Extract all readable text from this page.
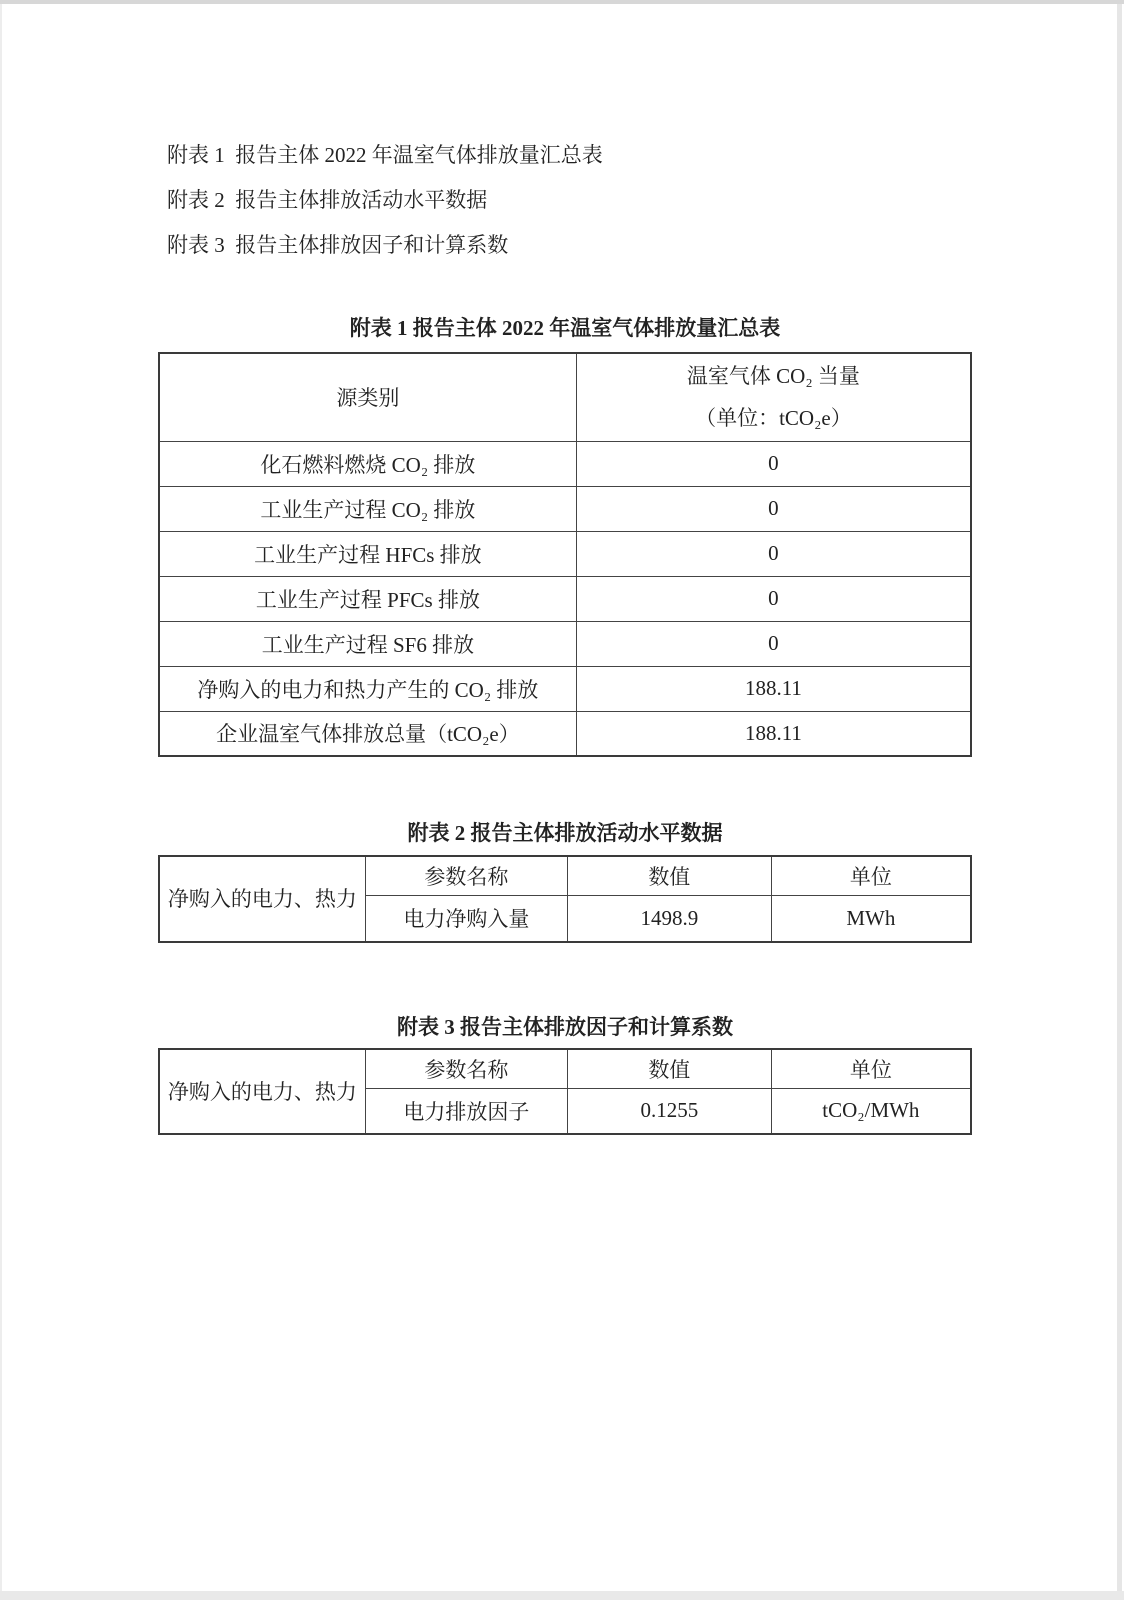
附表 1  报告主体 2022 年温室气体排放量汇总表
附表 2  报告主体排放活动水平数据
附表 3  报告主体排放因子和计算系数
附表 1 报告主体 2022 年温室气体排放量汇总表
源类别	温室气体 CO₂ 当量
（单位：tCO₂e）

化石燃料燃烧 CO₂ 排放	0
工业生产过程 CO₂ 排放	0
工业生产过程 HFCs 排放	0
工业生产过程 PFCs 排放	0
工业生产过程 SF6 排放	0
净购入的电力和热力产生的 CO₂ 排放	188.11
企业温室气体排放总量（tCO₂e）	188.11
附表 2 报告主体排放活动水平数据
净购入的电力、热力	参数名称	数值	单位
	电力净购入量	1498.9	MWh
附表 3 报告主体排放因子和计算系数
净购入的电力、热力	参数名称	数值	单位
	电力排放因子	0.1255	tCO₂/MWh
